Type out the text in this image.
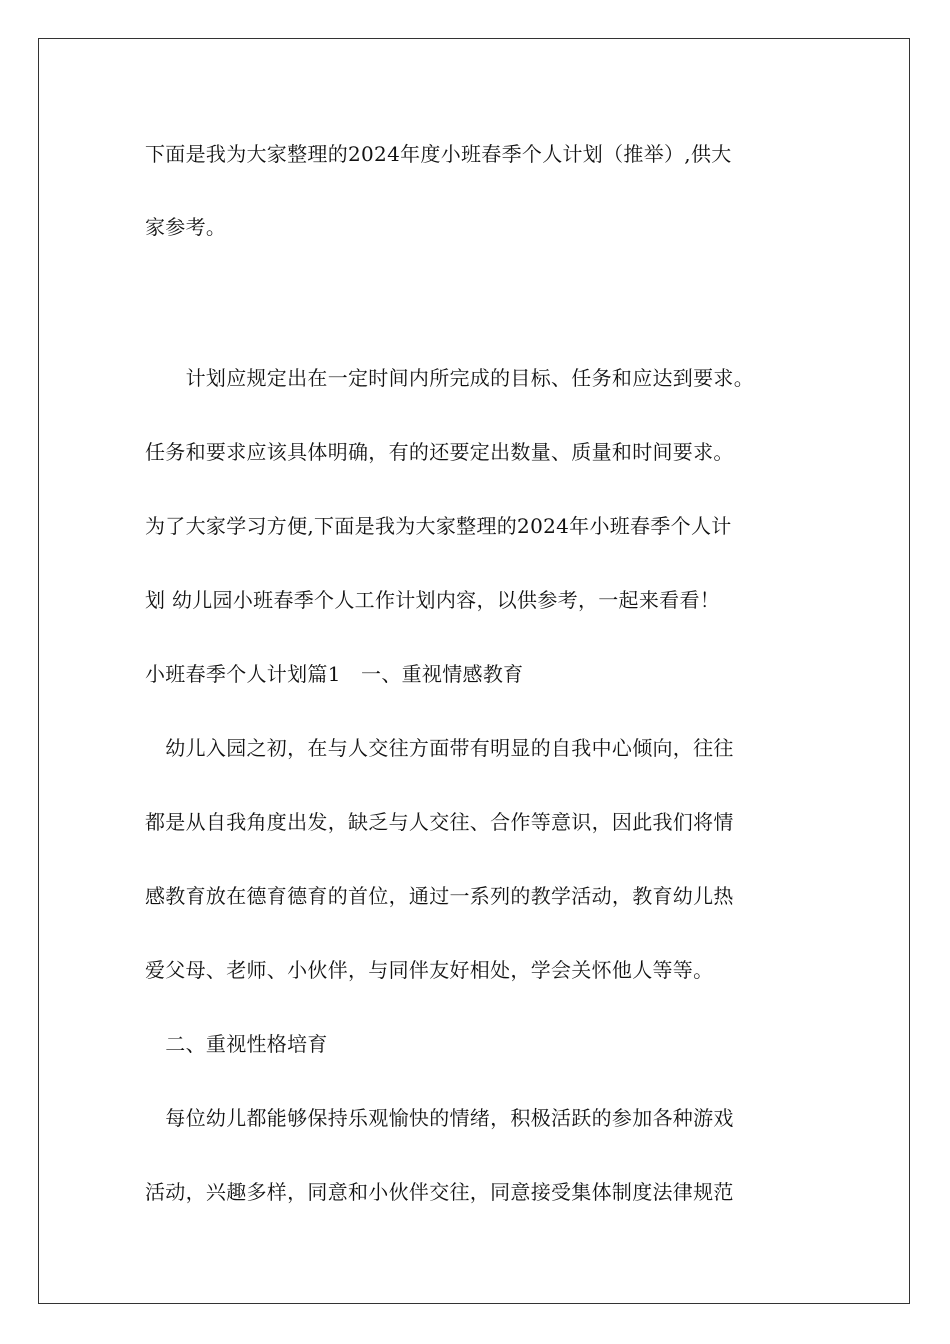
下面是我为大家整理的2024年度小班春季个人计划（推举）,供大
家参考。
　　计划应规定出在一定时间内所完成的目标、任务和应达到要求。
任务和要求应该具体明确，有的还要定出数量、质量和时间要求。
为了大家学习方便,下面是我为大家整理的2024年小班春季个人计
划 幼儿园小班春季个人工作计划内容，以供参考，一起来看看！
小班春季个人计划篇1　一、重视情感教育
　幼儿入园之初，在与人交往方面带有明显的自我中心倾向，往往
都是从自我角度出发，缺乏与人交往、合作等意识，因此我们将情
感教育放在德育德育的首位，通过一系列的教学活动，教育幼儿热
爱父母、老师、小伙伴，与同伴友好相处，学会关怀他人等等。
　二、重视性格培育
　每位幼儿都能够保持乐观愉快的情绪，积极活跃的参加各种游戏
活动，兴趣多样，同意和小伙伴交往，同意接受集体制度法律规范
